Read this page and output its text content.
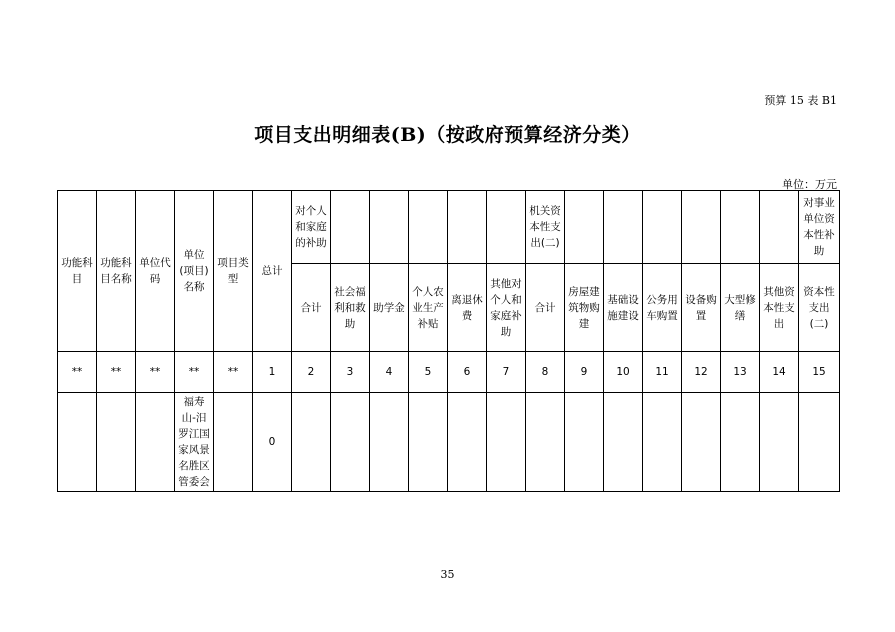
预算 15 表 B1
项目支出明细表(B)（按政府预算经济分类）
单位：万元
功能科目	功能科目名称	单位代码	单位(项目)名称	项目类型	总计	对个人和家庭的补助						机关资本性支出(二)							对事业单位资本性补助
						合计	社会福利和救助	助学金	个人农业生产补贴	离退休费	其他对个人和家庭补助	合计	房屋建筑物购建	基础设施建设	公务用车购置	设备购置	大型修缮	其他资本性支出	资本性支出(二)
**	**	**	**	**	1	2	3	4	5	6	7	8	9	10	11	12	13	14	15
			福寿山-汨罗江国家风景名胜区管委会		0														
35
